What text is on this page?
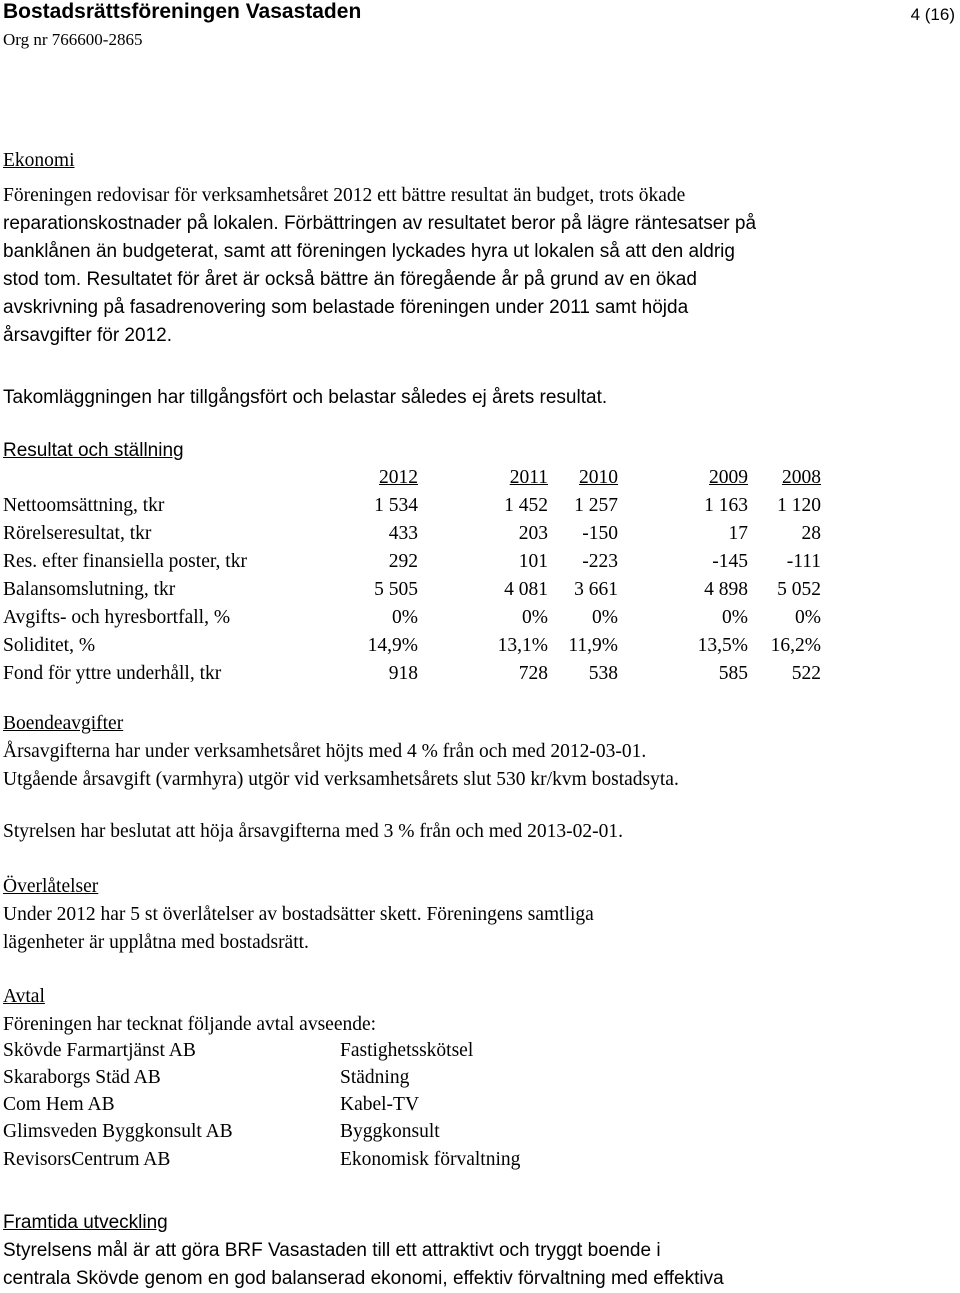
Bostadsrättsföreningen Vasastaden
Org nr 766600-2865
4 (16)
Ekonomi
Föreningen redovisar för verksamhetsåret 2012 ett bättre resultat än budget, trots ökade
reparationskostnader på lokalen. Förbättringen av resultatet beror på lägre räntesatser på
banklånen än budgeterat, samt att föreningen lyckades hyra ut lokalen så att den aldrig
stod tom. Resultatet för året är också bättre än föregående år på grund av en ökad
avskrivning på fasadrenovering som belastade föreningen under 2011 samt höjda
årsavgifter för 2012.
Takomläggningen har tillgångsfört och belastar således ej årets resultat.
Resultat och ställning
	2012	2011	2010	2009	2008
Nettoomsättning, tkr	1 534	1 452	1 257	1 163	1 120
Rörelseresultat, tkr	433	203	-150	17	28
Res. efter finansiella poster, tkr	292	101	-223	-145	-111
Balansomslutning, tkr	5 505	4 081	3 661	4 898	5 052
Avgifts- och hyresbortfall, %	0%	0%	0%	0%	0%
Soliditet, %	14,9%	13,1%	11,9%	13,5%	16,2%
Fond för yttre underhåll, tkr	918	728	538	585	522
Boendeavgifter
Årsavgifterna har under verksamhetsåret höjts med 4 % från och med 2012-03-01.
Utgående årsavgift (varmhyra) utgör vid verksamhetsårets slut 530 kr/kvm bostadsyta.
Styrelsen har beslutat att höja årsavgifterna med 3 % från och med 2013-02-01.
Överlåtelser
Under 2012 har 5 st överlåtelser av bostadsätter skett. Föreningens samtliga
lägenheter är upplåtna med bostadsrätt.
Avtal
Föreningen har tecknat följande avtal avseende:
Skövde Farmartjänst AB	Fastighetsskötsel
Skaraborgs Städ AB	Städning
Com Hem AB	Kabel-TV
Glimsveden Byggkonsult AB	Byggkonsult
RevisorsCentrum AB	Ekonomisk förvaltning
Framtida utveckling
Styrelsens mål är att göra BRF Vasastaden till ett attraktivt och tryggt boende i
centrala Skövde genom en god balanserad ekonomi, effektiv förvaltning med effektiva
